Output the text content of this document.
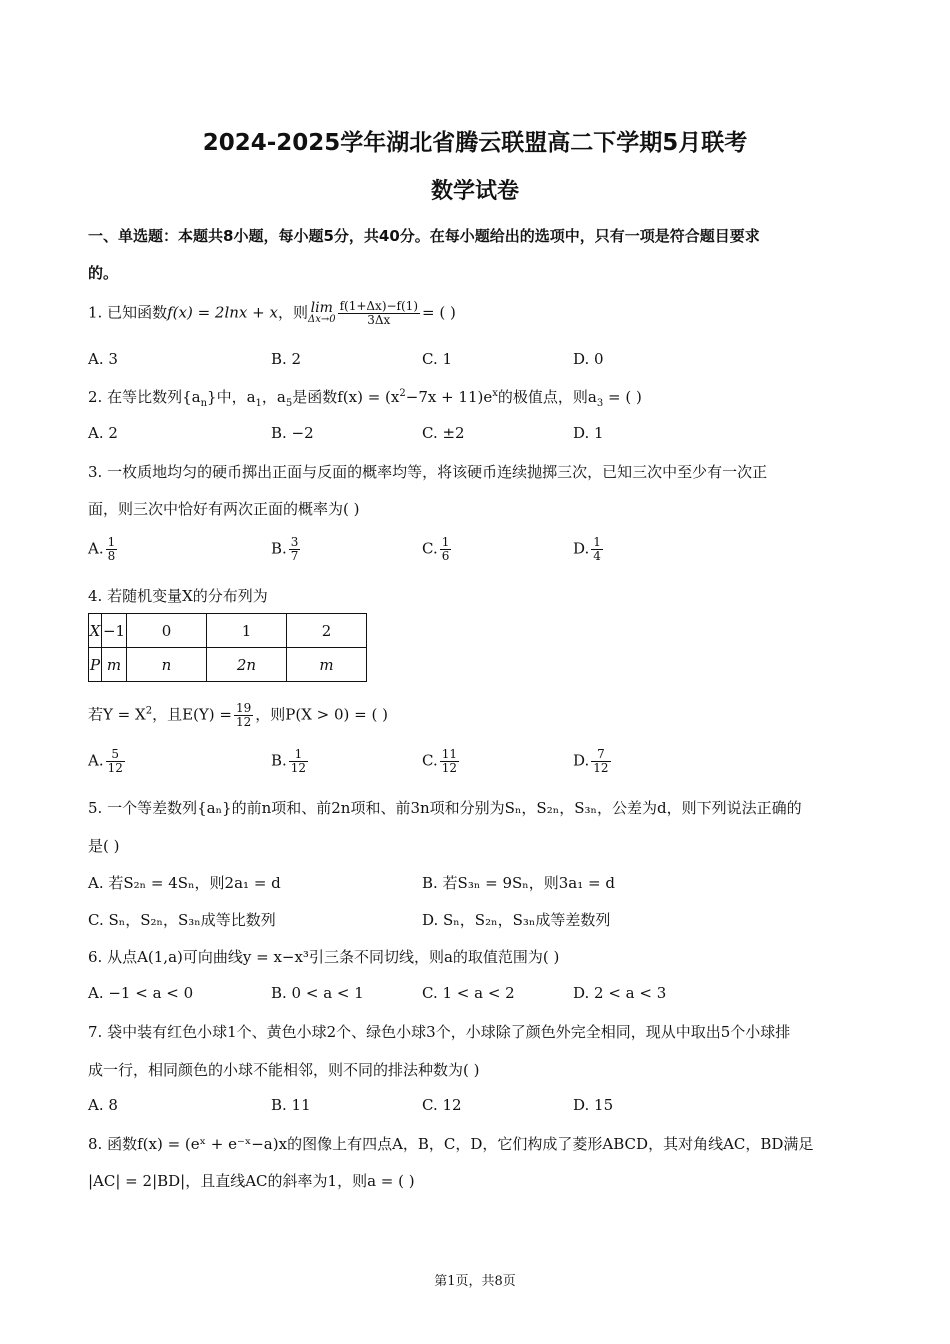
2024-2025学年湖北省腾云联盟高二下学期5月联考
数学试卷
一、单选题：本题共8小题，每小题5分，共40分。在每小题给出的选项中，只有一项是符合题目要求
的。
1. 已知函数f(x) = 2lnx + x，则 lim
$\Delta x\to 0 \frac{f(1+\Delta x)-f(1)}{3\Delta x}$ = ( )
A. 3	B. 2	C. 1	D. 0
2. 在等比数列$\{a_n\}$中，$a_1$，$a_5$是函数$f(x) = (x^2-7x + 11)e^x$的极值点，则$a_3$ = ( )
A. 2	B. −2	C. ±2	D. 1
3. 一枚质地均匀的硬币掷出正面与反面的概率均等，将该硬币连续抛掷三次，已知三次中至少有一次正
面，则三次中恰好有两次正面的概率为( )
A. $\frac{1}{8}$	B. $\frac{3}{7}$	C. $\frac{1}{6}$	D. $\frac{1}{4}$
4. 若随机变量X的分布列为
X	−1	0	1	2
P	m	n	2n	m
若$Y = X^2$，且$E(Y) = \frac{19}{12}$ ，则P(X > 0) = ( )
A. $\frac{5}{12}$	B. $\frac{1}{12}$	C. $\frac{11}{12}$	D. $\frac{7}{12}$
5. 一个等差数列{aₙ}的前n项和、前2n项和、前3n项和分别为Sₙ，S₂ₙ，S₃ₙ，公差为d，则下列说法正确的
是( )
A. 若S₂ₙ = 4Sₙ，则2a₁ = d	B. 若S₃ₙ = 9Sₙ，则3a₁ = d
C. Sₙ，S₂ₙ，S₃ₙ成等比数列	D. Sₙ，S₂ₙ，S₃ₙ成等差数列
6. 从点A(1,a)可向曲线y = x−x³引三条不同切线，则a的取值范围为( )
A. −1 < a < 0	B. 0 < a < 1	C. 1 < a < 2	D. 2 < a < 3
7. 袋中装有红色小球1个、黄色小球2个、绿色小球3个，小球除了颜色外完全相同，现从中取出5个小球排
成一行，相同颜色的小球不能相邻，则不同的排法种数为( )
A. 8	B. 11	C. 12	D. 15
8. 函数f(x) = (eˣ + e⁻ˣ−a)x的图像上有四点A，B，C，D，它们构成了菱形ABCD，其对角线AC，BD满足
|AC| = 2|BD|，且直线AC的斜率为1，则a = ( )
第1页，共8页
